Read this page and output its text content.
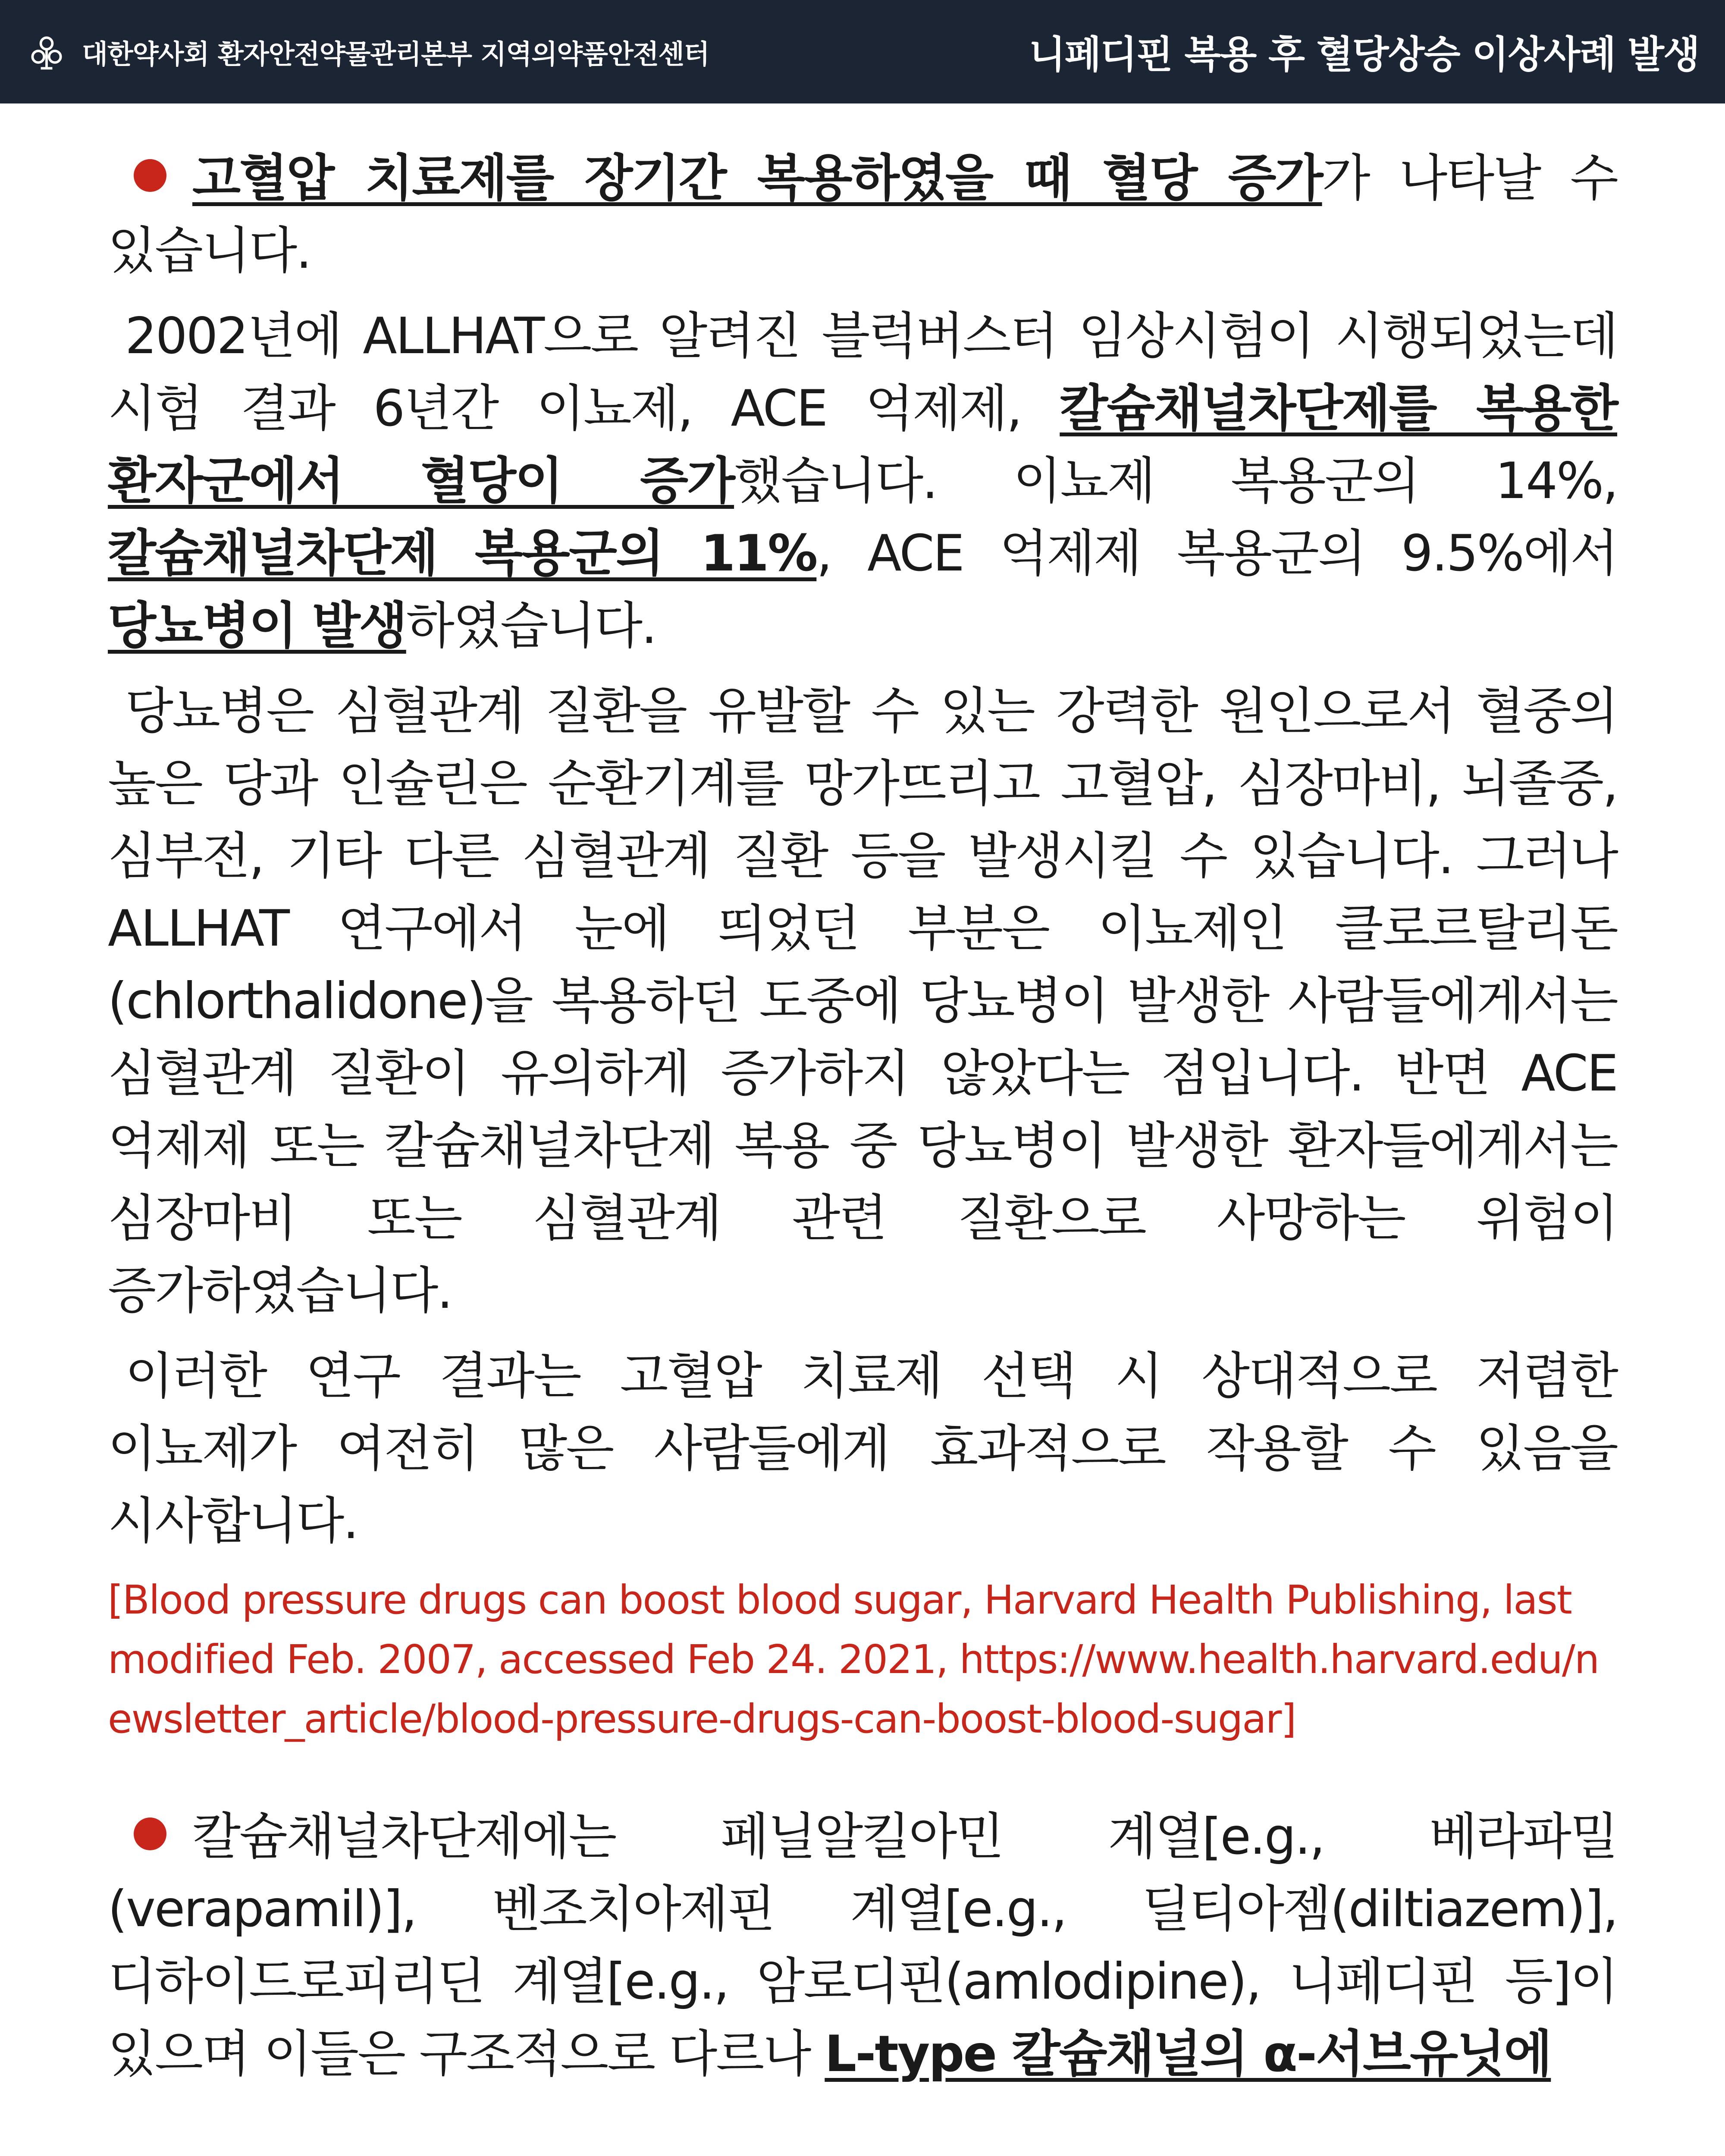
대한약사회 환자안전약물관리본부 지역의약품안전센터	니페디핀 복용 후 혈당상승 이상사례 발생

고혈압 치료제를 장기간 복용하였을 때 혈당 증가가 나타날 수 있습니다.

2002년에 ALLHAT으로 알려진 블럭버스터 임상시험이 시행되었는데 시험 결과 6년간 이뇨제, ACE 억제제, 칼슘채널차단제를 복용한 환자군에서 혈당이 증가했습니다. 이뇨제 복용군의 14%, 칼슘채널차단제 복용군의 11%, ACE 억제제 복용군의 9.5%에서 당뇨병이 발생하였습니다.

당뇨병은 심혈관계 질환을 유발할 수 있는 강력한 원인으로서 혈중의 높은 당과 인슐린은 순환기계를 망가뜨리고 고혈압, 심장마비, 뇌졸중, 심부전, 기타 다른 심혈관계 질환 등을 발생시킬 수 있습니다. 그러나 ALLHAT 연구에서 눈에 띄었던 부분은 이뇨제인 클로르탈리돈(chlorthalidone)을 복용하던 도중에 당뇨병이 발생한 사람들에게서는 심혈관계 질환이 유의하게 증가하지 않았다는 점입니다. 반면 ACE 억제제 또는 칼슘채널차단제 복용 중 당뇨병이 발생한 환자들에게서는 심장마비 또는 심혈관계 관련 질환으로 사망하는 위험이 증가하였습니다.

이러한 연구 결과는 고혈압 치료제 선택 시 상대적으로 저렴한 이뇨제가 여전히 많은 사람들에게 효과적으로 작용할 수 있음을 시사합니다.

[Blood pressure drugs can boost blood sugar, Harvard Health Publishing, last modified Feb. 2007, accessed Feb 24. 2021, https://www.health.harvard.edu/newsletter_article/blood-pressure-drugs-can-boost-blood-sugar]

칼슘채널차단제에는 페닐알킬아민 계열[e.g., 베라파밀(verapamil)], 벤조치아제핀 계열[e.g., 딜티아젬(diltiazem)], 디하이드로피리딘 계열[e.g., 암로디핀(amlodipine), 니페디핀 등]이 있으며 이들은 구조적으로 다르나 L-type 칼슘채널의 α-서브유닛에
